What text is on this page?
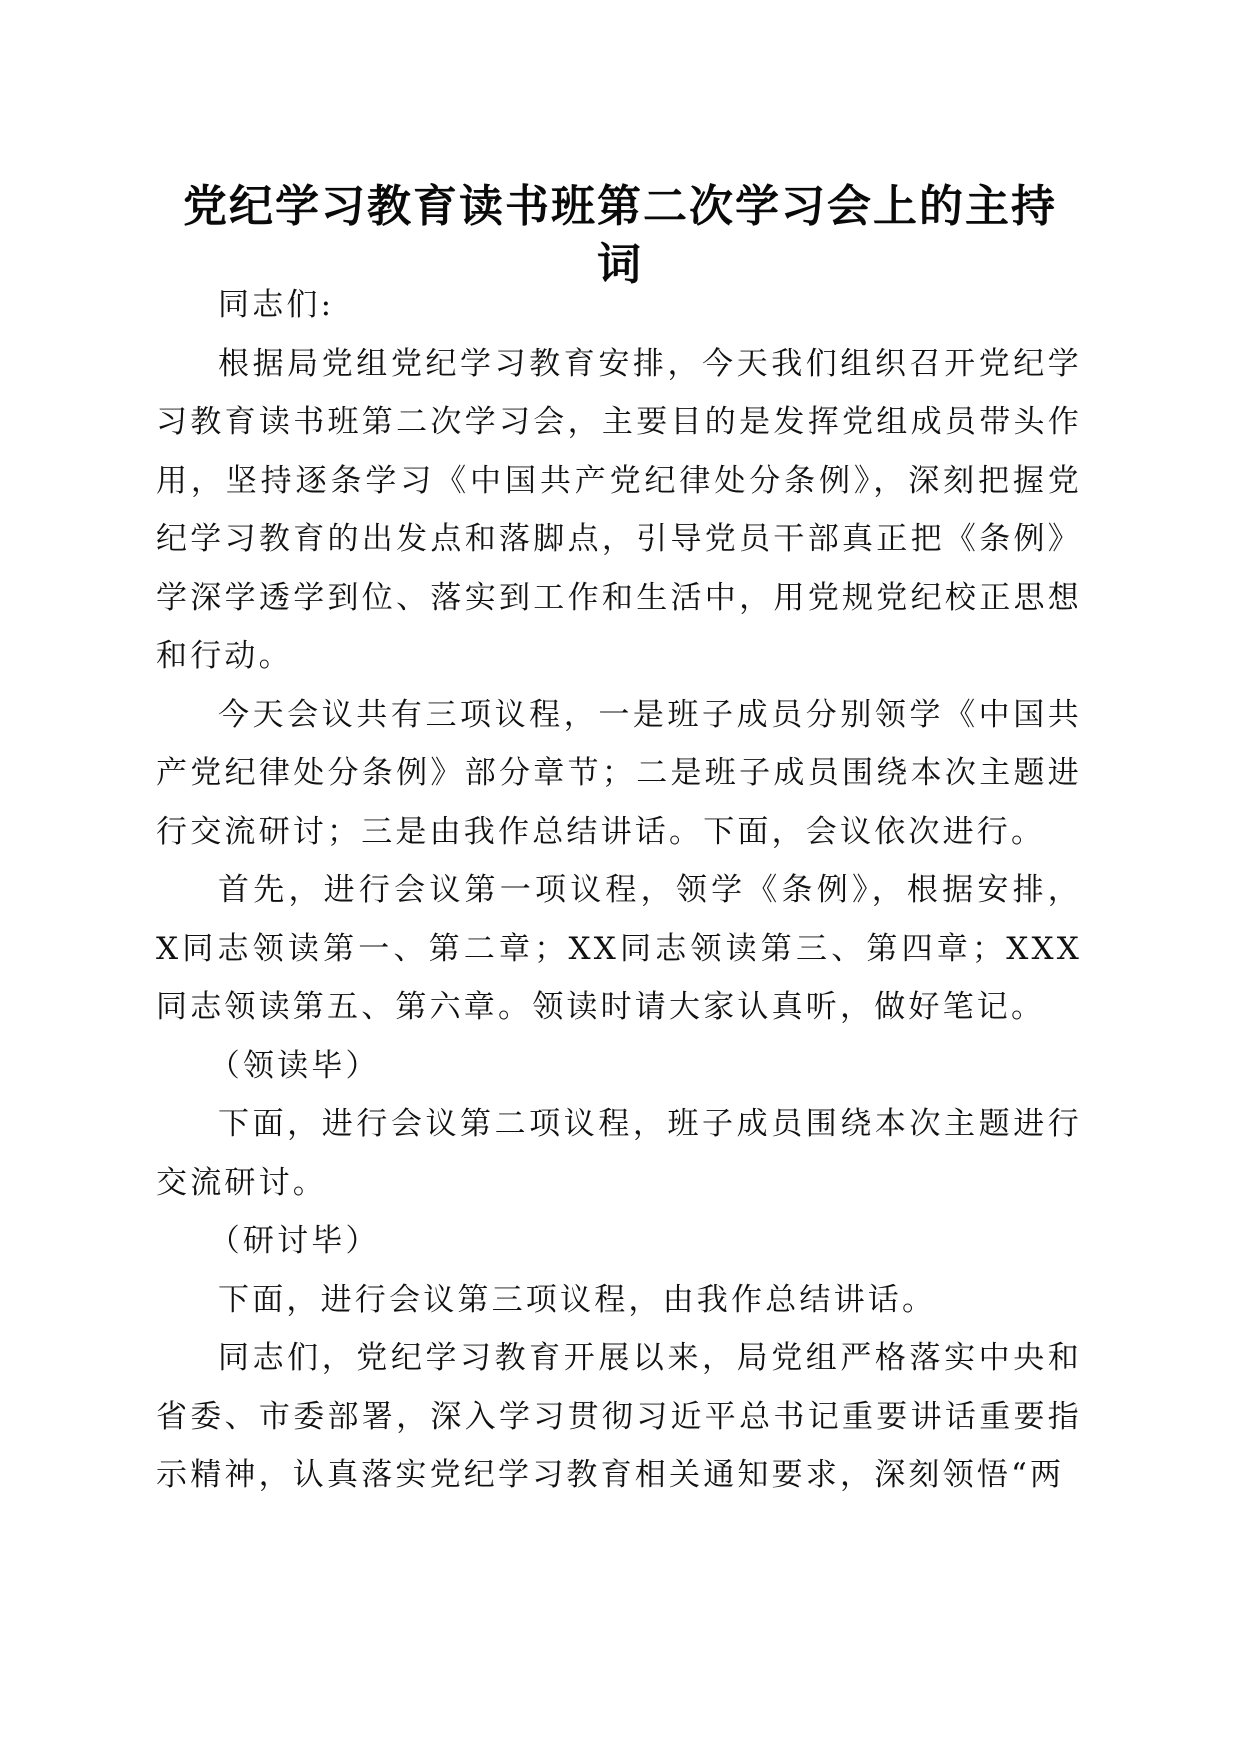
党纪学习教育读书班第二次学习会上的主持词

同志们:

根据局党组党纪学习教育安排，今天我们组织召开党纪学习教育读书班第二次学习会，主要目的是发挥党组成员带头作用，坚持逐条学习《中国共产党纪律处分条例》，深刻把握党纪学习教育的出发点和落脚点，引导党员干部真正把《条例》学深学透学到位、落实到工作和生活中，用党规党纪校正思想和行动。

今天会议共有三项议程，一是班子成员分别领学《中国共产党纪律处分条例》部分章节；二是班子成员围绕本次主题进行交流研讨；三是由我作总结讲话。下面，会议依次进行。

首先，进行会议第一项议程，领学《条例》，根据安排，X同志领读第一、第二章；XX同志领读第三、第四章；XXX同志领读第五、第六章。领读时请大家认真听，做好笔记。

（领读毕）

下面，进行会议第二项议程，班子成员围绕本次主题进行交流研讨。

（研讨毕）

下面，进行会议第三项议程，由我作总结讲话。

同志们，党纪学习教育开展以来，局党组严格落实中央和省委、市委部署，深入学习贯彻习近平总书记重要讲话重要指示精神，认真落实党纪学习教育相关通知要求，深刻领悟“两
